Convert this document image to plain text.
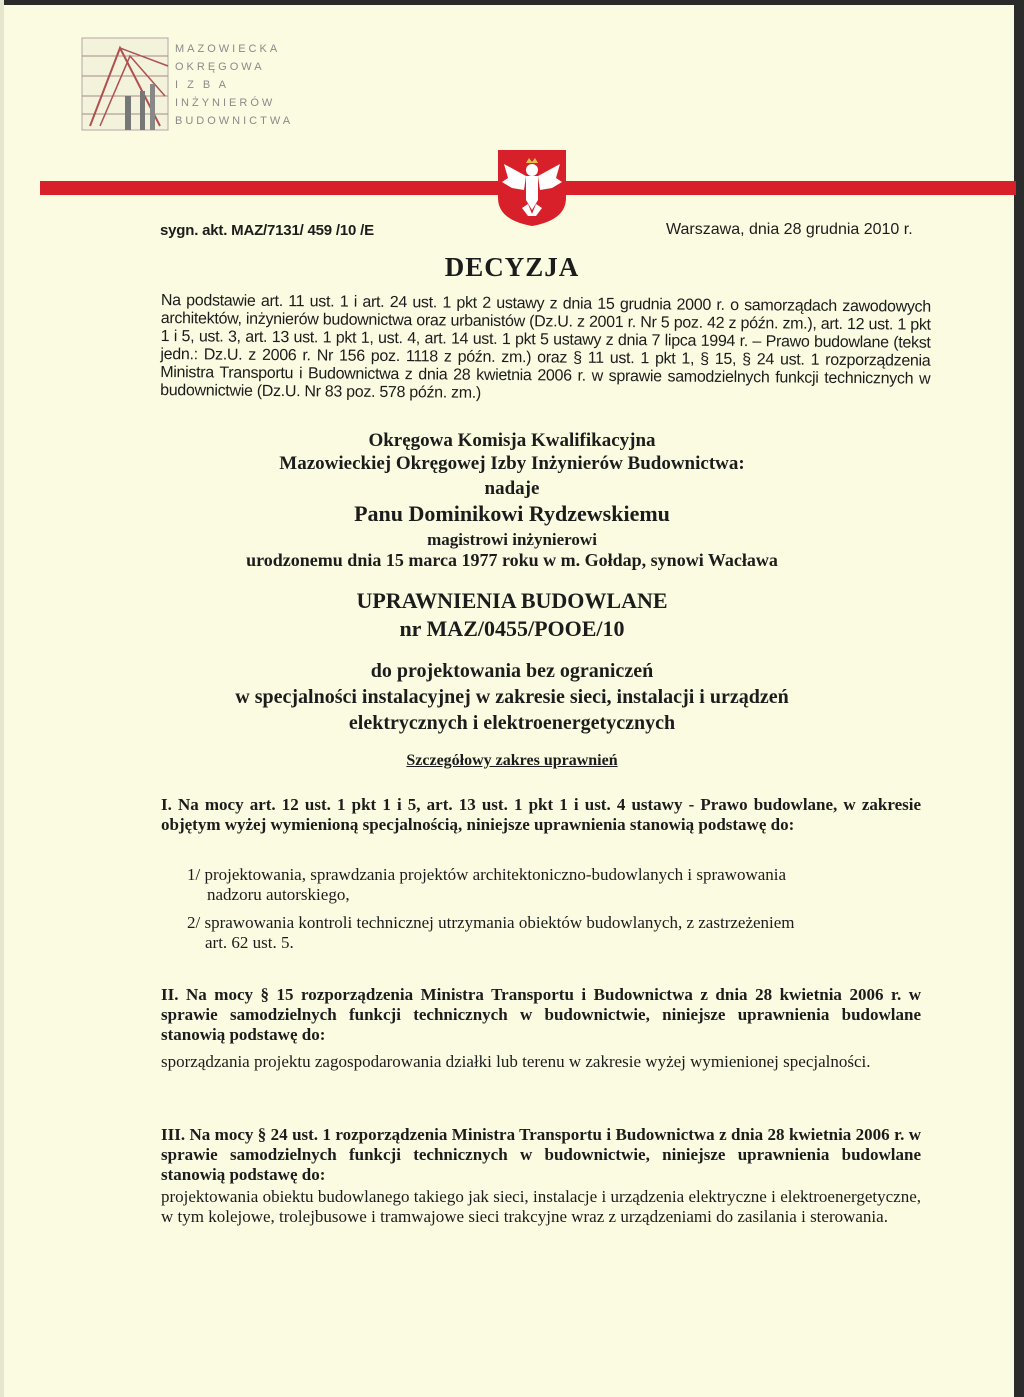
MAZOWIECKA
OKRĘGOWA
I Z B A
INŻYNIERÓW
BUDOWNICTWA
sygn. akt. MAZ/7131/ 459 /10 /E	Warszawa, dnia 28 grudnia 2010 r.
DECYZJA
Na podstawie art. 11 ust. 1 i art. 24 ust. 1 pkt 2 ustawy z dnia 15 grudnia 2000 r. o samorządach zawodowych architektów, inżynierów budownictwa oraz urbanistów (Dz.U. z 2001 r. Nr 5 poz. 42 z późn. zm.), art. 12 ust. 1 pkt 1 i 5, ust. 3, art. 13 ust. 1 pkt 1, ust. 4, art. 14 ust. 1 pkt 5 ustawy z dnia 7 lipca 1994 r. – Prawo budowlane (tekst jedn.: Dz.U. z 2006 r. Nr 156 poz. 1118 z późn. zm.) oraz § 11 ust. 1 pkt 1, § 15, § 24 ust. 1 rozporządzenia Ministra Transportu i Budownictwa z dnia 28 kwietnia 2006 r. w sprawie samodzielnych funkcji technicznych w budownictwie (Dz.U. Nr 83 poz. 578 późn. zm.)
Okręgowa Komisja Kwalifikacyjna
Mazowieckiej Okręgowej Izby Inżynierów Budownictwa:
nadaje
Panu Dominikowi Rydzewskiemu
magistrowi inżynierowi
urodzonemu dnia 15 marca 1977 roku w m. Gołdap, synowi Wacława
UPRAWNIENIA BUDOWLANE
nr MAZ/0455/POOE/10
do projektowania bez ograniczeń
w specjalności instalacyjnej w zakresie sieci, instalacji i urządzeń
elektrycznych i elektroenergetycznych
Szczegółowy zakres uprawnień
I. Na mocy art. 12 ust. 1 pkt 1 i 5, art. 13 ust. 1 pkt 1 i ust. 4 ustawy - Prawo budowlane, w zakresie objętym wyżej wymienioną specjalnością, niniejsze uprawnienia stanowią podstawę do:
1/ projektowania, sprawdzania projektów architektoniczno-budowlanych i sprawowania
nadzoru autorskiego,
2/ sprawowania kontroli technicznej utrzymania obiektów budowlanych, z zastrzeżeniem
art. 62 ust. 5.
II. Na mocy § 15 rozporządzenia Ministra Transportu i Budownictwa z dnia 28 kwietnia 2006 r. w sprawie samodzielnych funkcji technicznych w budownictwie, niniejsze uprawnienia budowlane stanowią podstawę do:
sporządzania projektu zagospodarowania działki lub terenu w zakresie wyżej wymienionej specjalności.
III. Na mocy § 24 ust. 1 rozporządzenia Ministra Transportu i Budownictwa z dnia 28 kwietnia 2006 r. w sprawie samodzielnych funkcji technicznych w budownictwie, niniejsze uprawnienia budowlane stanowią podstawę do:
projektowania obiektu budowlanego takiego jak sieci, instalacje i urządzenia elektryczne i elektroenergetyczne, w tym kolejowe, trolejbusowe i tramwajowe sieci trakcyjne wraz z urządzeniami do zasilania i sterowania.
